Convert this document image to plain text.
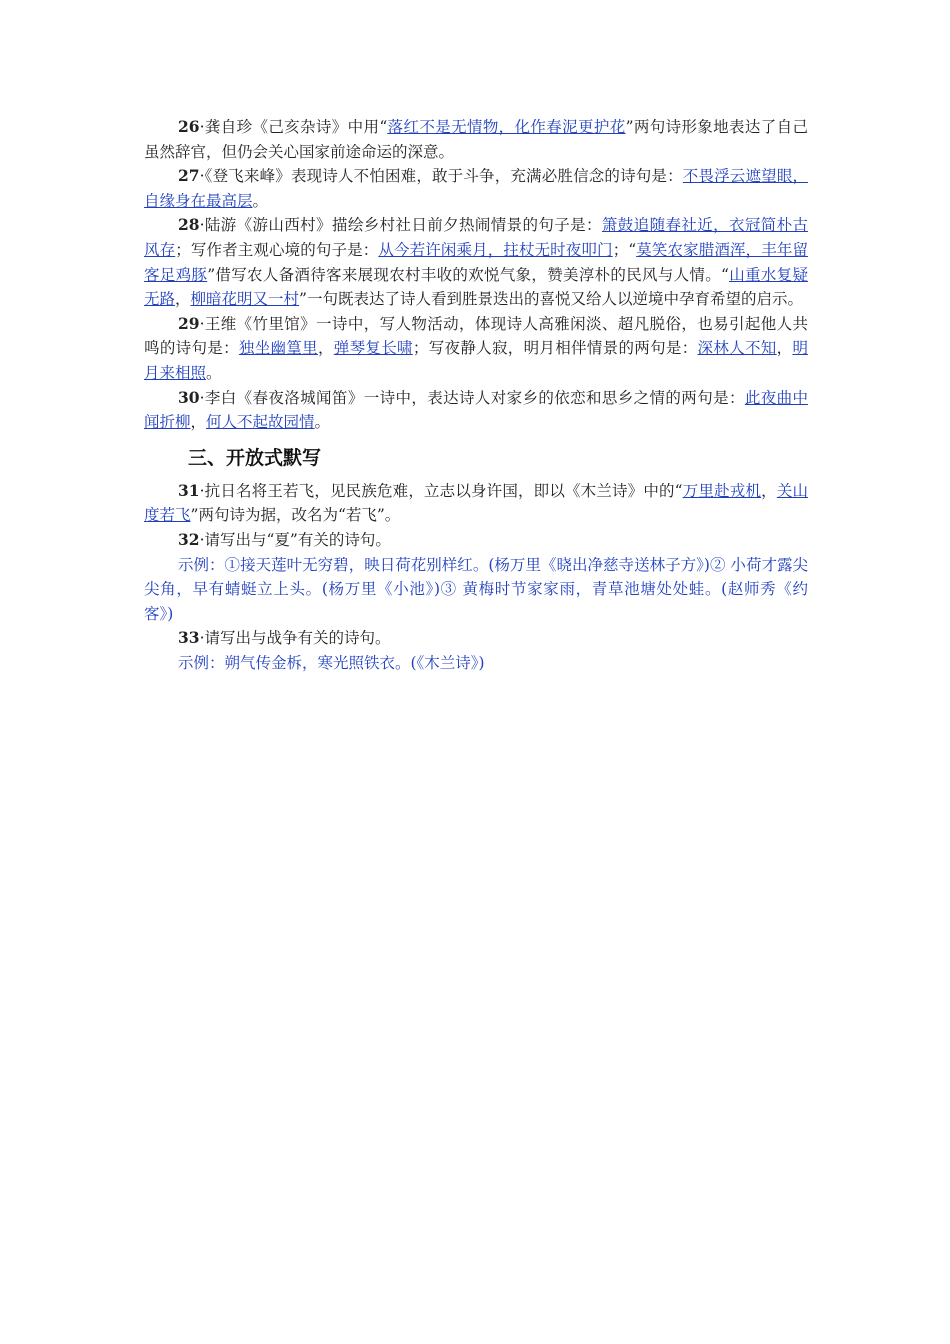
26·龚自珍《己亥杂诗》中用“落红不是无情物，化作春泥更护花”两句诗形象地表达了自己虽然辞官，但仍会关心国家前途命运的深意。

27·《登飞来峰》表现诗人不怕困难，敢于斗争，充满必胜信念的诗句是：不畏浮云遮望眼，自缘身在最高层。

28·陆游《游山西村》描绘乡村社日前夕热闹情景的句子是：箫鼓追随春社近，衣冠简朴古风存；写作者主观心境的句子是：从今若许闲乘月，拄杖无时夜叩门；“莫笑农家腊酒浑，丰年留客足鸡豚”借写农人备酒待客来展现农村丰收的欢悦气象，赞美淳朴的民风与人情。“山重水复疑无路，柳暗花明又一村”一句既表达了诗人看到胜景迭出的喜悦又给人以逆境中孕育希望的启示。

29·王维《竹里馆》一诗中，写人物活动，体现诗人高雅闲淡、超凡脱俗，也易引起他人共鸣的诗句是：独坐幽篁里，弹琴复长啸；写夜静人寂，明月相伴情景的两句是：深林人不知，明月来相照。

30·李白《春夜洛城闻笛》一诗中，表达诗人对家乡的依恋和思乡之情的两句是：此夜曲中闻折柳，何人不起故园情。

三、开放式默写

31·抗日名将王若飞，见民族危难，立志以身许国，即以《木兰诗》中的“万里赴戎机，关山度若飞”两句诗为据，改名为“若飞”。

32·请写出与“夏”有关的诗句。

示例：①接天莲叶无穷碧，映日荷花别样红。(杨万里《晓出净慈寺送林子方》)② 小荷才露尖尖角，早有蜻蜓立上头。(杨万里《小池》)③ 黄梅时节家家雨，青草池塘处处蛙。(赵师秀《约客》)

33·请写出与战争有关的诗句。

示例：朔气传金柝，寒光照铁衣。(《木兰诗》)
